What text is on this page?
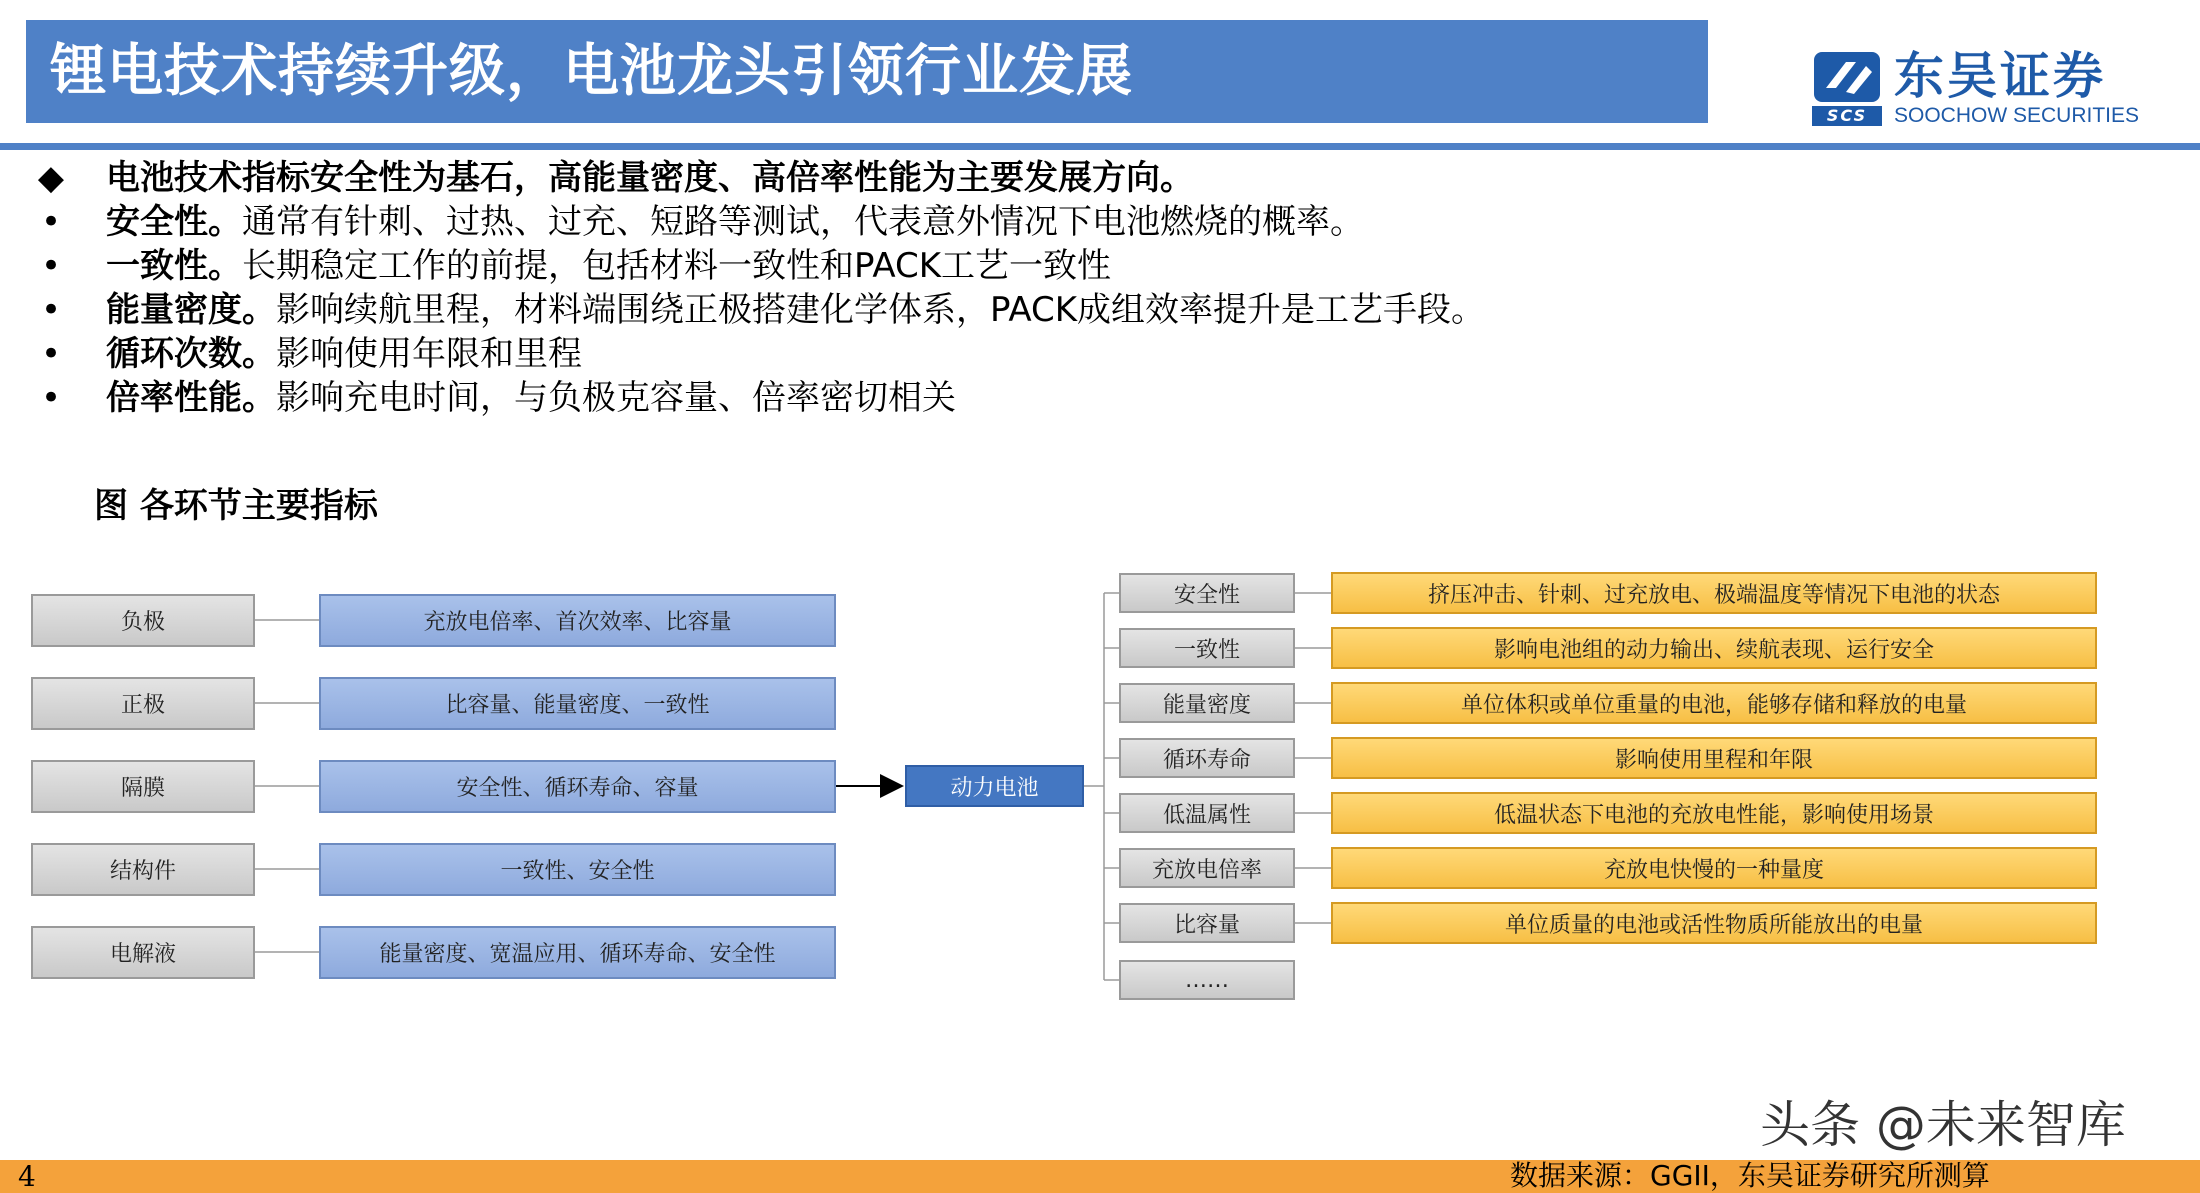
锂电技术持续升级，电池龙头引领行业发展	东吴证券
SCS	SOOCHOW SECURITIES
◆ 电池技术指标安全性为基石，高能量密度、高倍率性能为主要发展方向。
• 安全性。通常有针刺、过热、过充、短路等测试，代表意外情况下电池燃烧的概率。
• 一致性。长期稳定工作的前提，包括材料一致性和PACK工艺一致性
• 能量密度。影响续航里程，材料端围绕正极搭建化学体系，PACK成组效率提升是工艺手段。
• 循环次数。影响使用年限和里程
• 倍率性能。影响充电时间，与负极克容量、倍率密切相关
图 各环节主要指标
负极
正极
隔膜
结构件
电解液
充放电倍率、首次效率、比容量
比容量、能量密度、一致性
安全性、循环寿命、容量
一致性、安全性
能量密度、宽温应用、循环寿命、安全性
动力电池
安全性
一致性
能量密度
循环寿命
低温属性
充放电倍率
比容量
……
挤压冲击、针刺、过充放电、极端温度等情况下电池的状态
影响电池组的动力输出、续航表现、运行安全
单位体积或单位重量的电池，能够存储和释放的电量
影响使用里程和年限
低温状态下电池的充放电性能，影响使用场景
充放电快慢的一种量度
单位质量的电池或活性物质所能放出的电量
头条 @未来智库
4	数据来源：GGII，东吴证券研究所测算
